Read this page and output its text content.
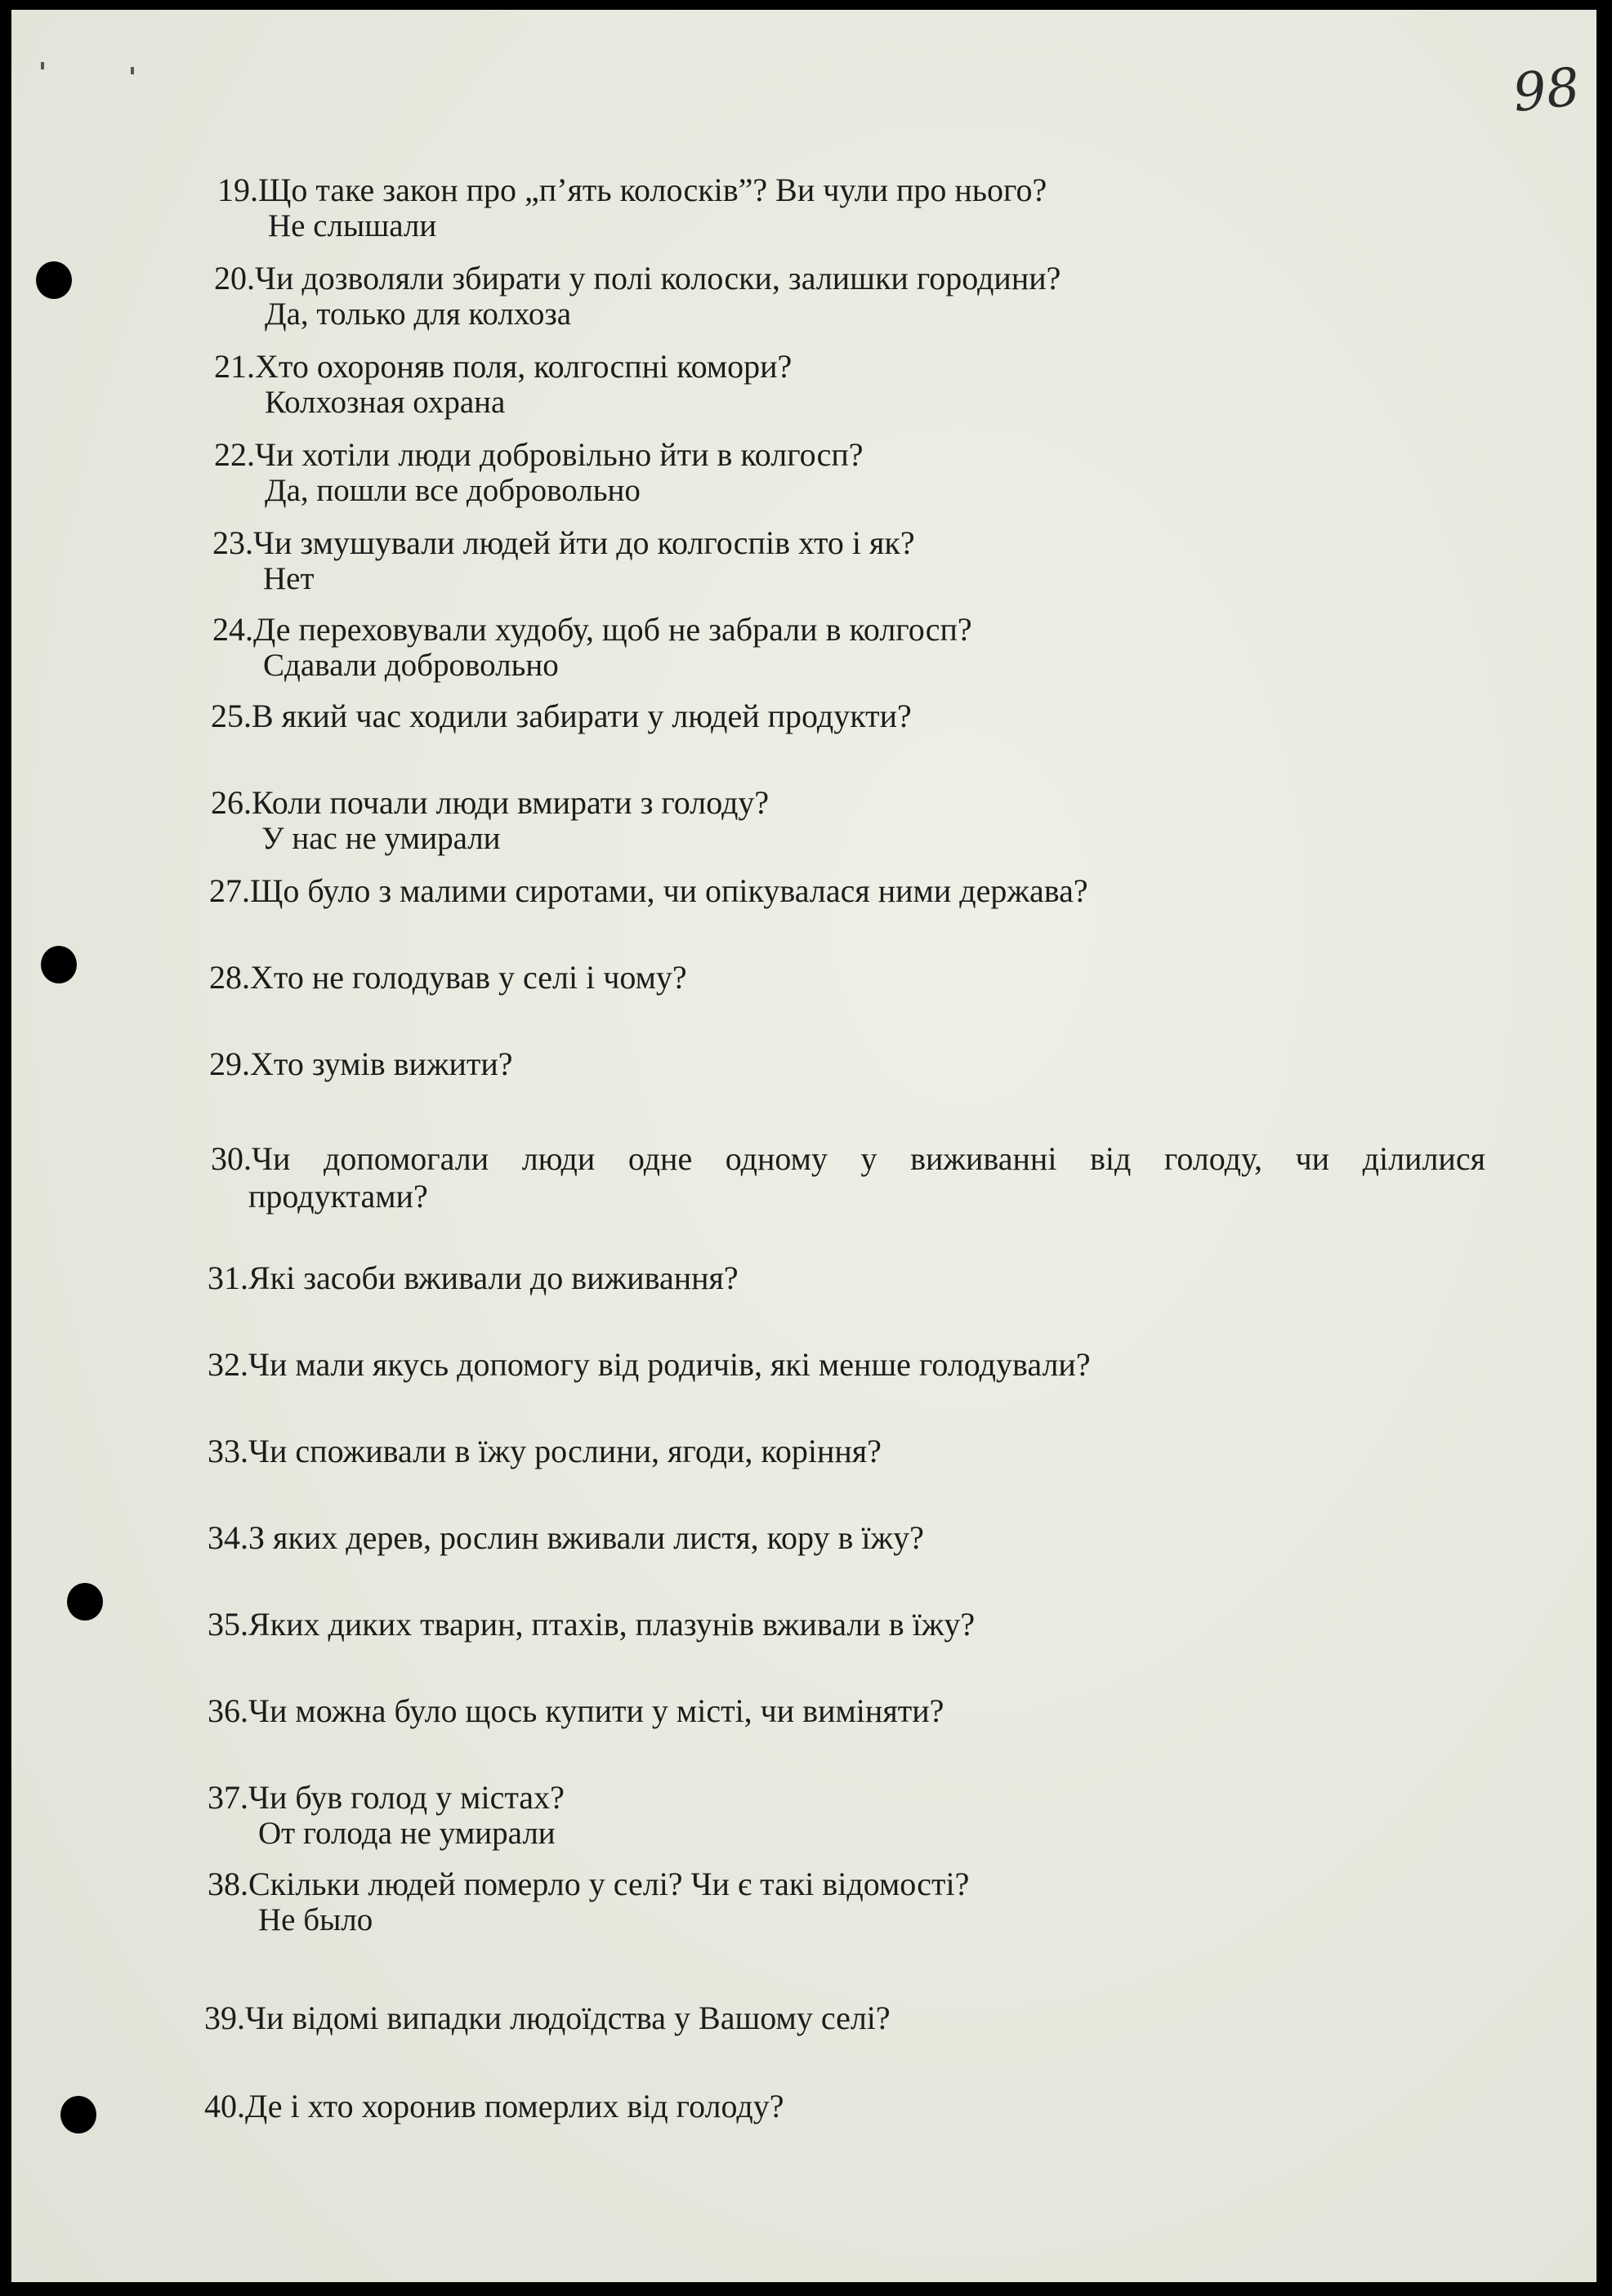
98
19.Що таке закон про „п’ять колосків”? Ви чули про нього?
Не слышали
20.Чи дозволяли збирати у полі колоски, залишки городини?
Да, только для колхоза
21.Хто охороняв поля, колгоспні комори?
Колхозная охрана
22.Чи хотіли люди добровільно йти в колгосп?
Да, пошли все добровольно
23.Чи змушували людей йти до колгоспів хто і як?
Нет
24.Де переховували худобу, щоб не забрали в колгосп?
Сдавали добровольно
25.В який час ходили забирати у людей продукти?
26.Коли почали люди вмирати з голоду?
У нас не умирали
27.Що було з малими сиротами, чи опікувалася ними держава?
28.Хто не голодував у селі і чому?
29.Хто зумів вижити?
30.Чи допомогали люди одне одному у виживанні від голоду, чи ділилися
продуктами?
31.Які засоби вживали до виживання?
32.Чи мали якусь допомогу від родичів, які менше голодували?
33.Чи споживали в їжу рослини, ягоди, коріння?
34.З яких дерев, рослин вживали листя, кору в їжу?
35.Яких диких тварин, птахів, плазунів вживали в їжу?
36.Чи можна було щось купити у місті, чи виміняти?
37.Чи був голод у містах?
От голода не умирали
38.Скільки людей померло у селі? Чи є такі відомості?
Не было
39.Чи відомі випадки людоїдства у Вашому селі?
40.Де і хто хоронив померлих від голоду?
